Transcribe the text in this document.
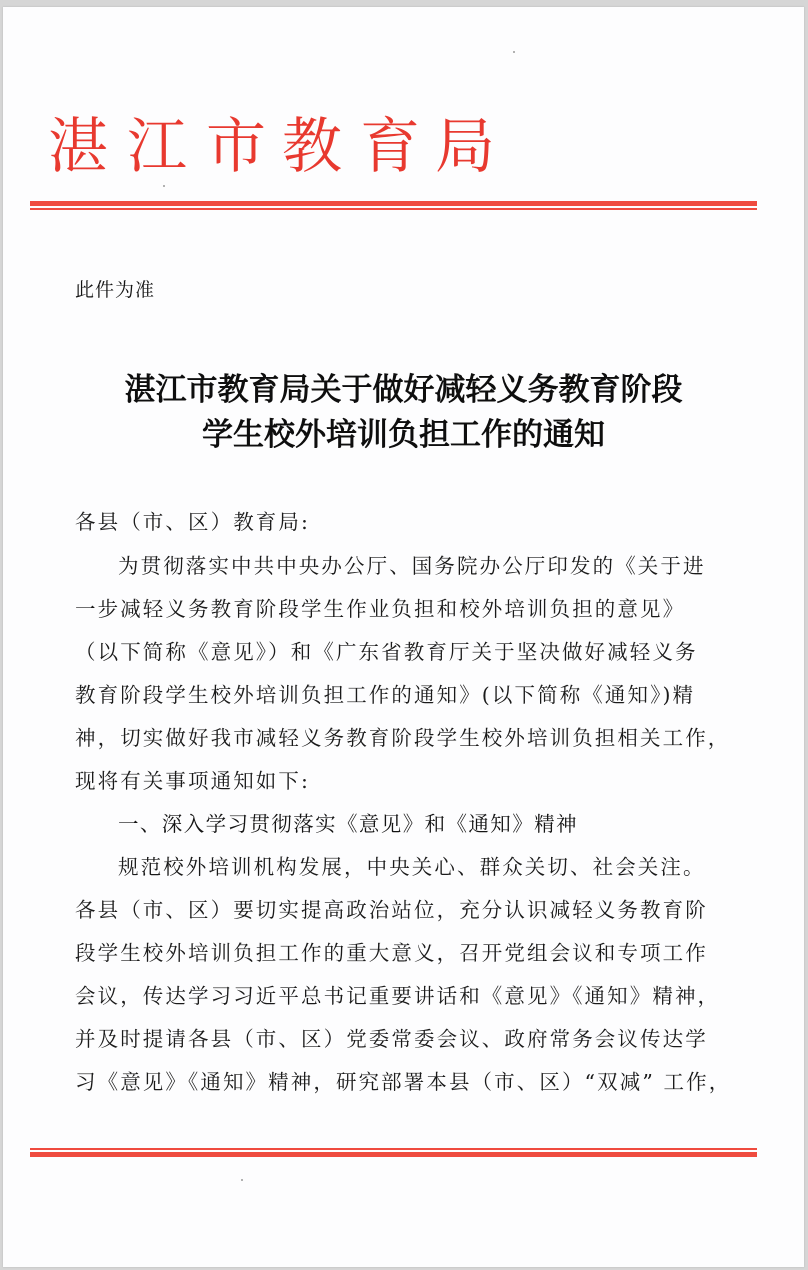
湛 江 市 教 育 局
此件为准
湛江市教育局关于做好减轻义务教育阶段
学生校外培训负担工作的通知
各县（市、区）教育局:
为贯彻落实中共中央办公厅、国务院办公厅印发的《关于进
一步减轻义务教育阶段学生作业负担和校外培训负担的意见》
（以下简称《意见》）和《广东省教育厅关于坚决做好减轻义务
教育阶段学生校外培训负担工作的通知》(以下简称《通知》)精
神，切实做好我市减轻义务教育阶段学生校外培训负担相关工作，
现将有关事项通知如下:
一、深入学习贯彻落实《意见》和《通知》精神
规范校外培训机构发展，中央关心、群众关切、社会关注。
各县（市、区）要切实提高政治站位，充分认识减轻义务教育阶
段学生校外培训负担工作的重大意义，召开党组会议和专项工作
会议，传达学习习近平总书记重要讲话和《意见》《通知》精神，
并及时提请各县（市、区）党委常委会议、政府常务会议传达学
习《意见》《通知》精神，研究部署本县（市、区）“双减” 工作，
